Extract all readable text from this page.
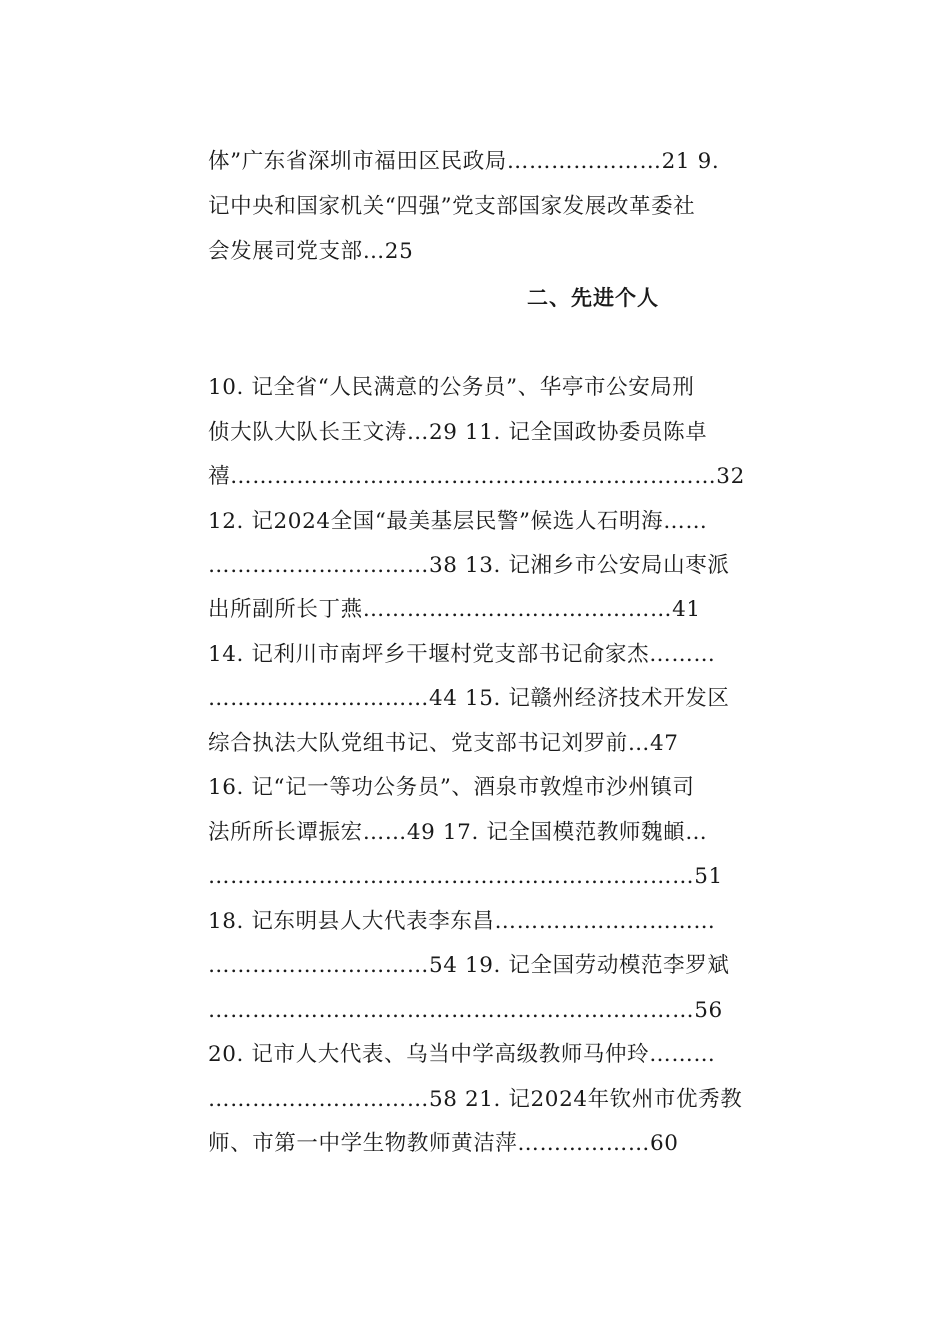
体”广东省深圳市福田区民政局…………………21 9.
记中央和国家机关“四强”党支部国家发展改革委社
会发展司党支部…25
二、先进个人
10. 记全省“人民满意的公务员”、华亭市公安局刑
侦大队大队长王文涛…29 11. 记全国政协委员陈卓
禧…………………………………………………………32
12. 记2024全国“最美基层民警”候选人石明海……
…………………………38 13. 记湘乡市公安局山枣派
出所副所长丁燕……………………………………41
14. 记利川市南坪乡干堰村党支部书记俞家杰………
…………………………44 15. 记赣州经济技术开发区
综合执法大队党组书记、党支部书记刘罗前…47
16. 记“记一等功公务员”、酒泉市敦煌市沙州镇司
法所所长谭振宏……49 17. 记全国模范教师魏頔…
…………………………………………………………51
18. 记东明县人大代表李东昌…………………………
…………………………54 19. 记全国劳动模范李罗斌
…………………………………………………………56
20. 记市人大代表、乌当中学高级教师马仲玲………
…………………………58 21. 记2024年钦州市优秀教
师、市第一中学生物教师黄洁萍………………60
